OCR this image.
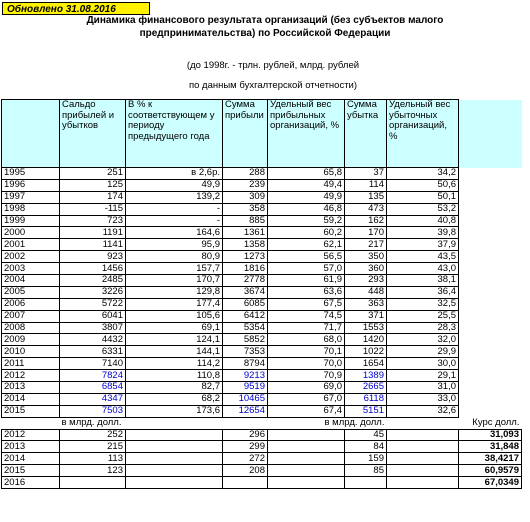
Обновлено 31.08.2016
Динамика финансового результата организаций (без субъектов малого
предпринимательства) по Российской Федерации
(до 1998г. - трлн. рублей, млрд. рублей
по данным бухгалтерской отчетности)
	Сальдо прибылей и убытков	В % к соответствующем у периоду предыдущего года	Сумма прибыли	Удельный вес прибыльных организаций, %	Сумма убытка	Удельный вес убыточных организаций, %	
1995	251	в 2,6р.	288	65,8	37	34,2	
1996	125	49,9	239	49,4	114	50,6	
1997	174	139,2	309	49,9	135	50,1	
1998	-115	-	358	46,8	473	53,2	
1999	723	-	885	59,2	162	40,8	
2000	1191	164,6	1361	60,2	170	39,8	
2001	1141	95,9	1358	62,1	217	37,9	
2002	923	80,9	1273	56,5	350	43,5	
2003	1456	157,7	1816	57,0	360	43,0	
2004	2485	170,7	2778	61,9	293	38,1	
2005	3226	129,8	3674	63,6	448	36,4	
2006	5722	177,4	6085	67,5	363	32,5	
2007	6041	105,6	6412	74,5	371	25,5	
2008	3807	69,1	5354	71,7	1553	28,3	
2009	4432	124,1	5852	68,0	1420	32,0	
2010	6331	144,1	7353	70,1	1022	29,9	
2011	7140	114,2	8794	70,0	1654	30,0	
2012	7824	110,8	9213	70,9	1389	29,1	
2013	6854	82,7	9519	69,0	2665	31,0	
2014	4347	68,2	10465	67,0	6118	33,0	
2015	7503	173,6	12654	67,4	5151	32,6	
	в млрд. долл.			в млрд. долл.			Курс долл.
2012	252		296		45		31,093
2013	215		299		84		31,848
2014	113		272		159		38,4217
2015	123		208		85		60,9579
2016							67,0349
